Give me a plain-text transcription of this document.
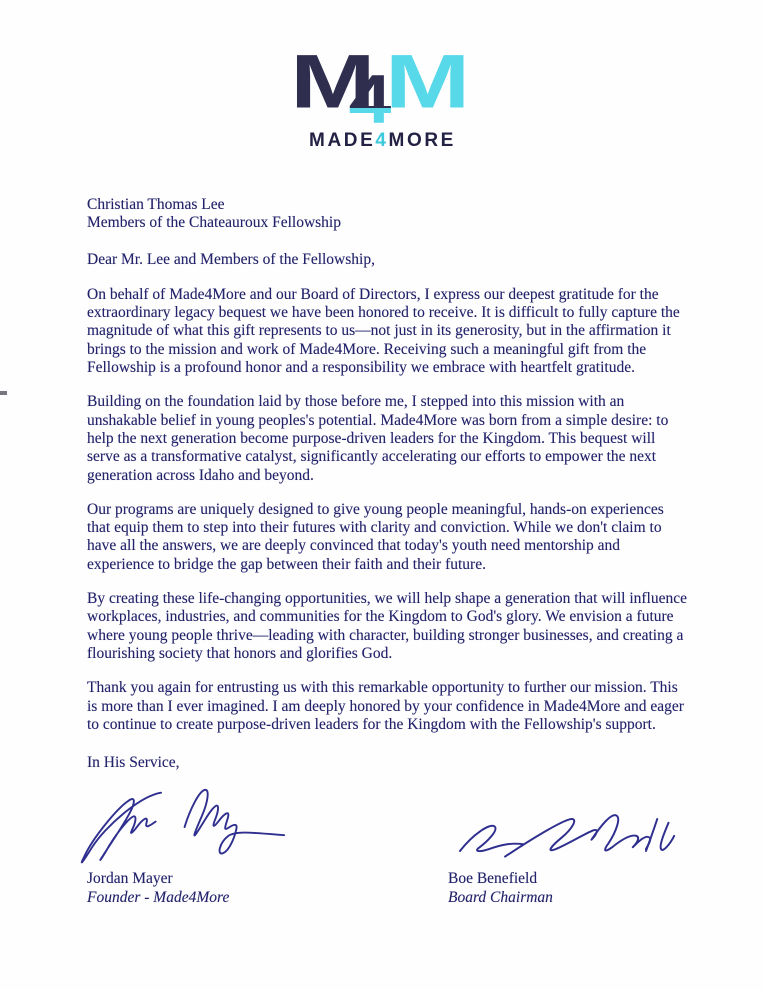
M M
4
MADE4MORE
Christian Thomas Lee
Members of the Chateauroux Fellowship
Dear Mr. Lee and Members of the Fellowship,

On behalf of Made4More and our Board of Directors, I express our deepest gratitude for the extraordinary legacy bequest we have been honored to receive. It is difficult to fully capture the magnitude of what this gift represents to us—not just in its generosity, but in the affirmation it brings to the mission and work of Made4More. Receiving such a meaningful gift from the Fellowship is a profound honor and a responsibility we embrace with heartfelt gratitude.

Building on the foundation laid by those before me, I stepped into this mission with an unshakable belief in young peoples's potential. Made4More was born from a simple desire: to help the next generation become purpose-driven leaders for the Kingdom. This bequest will serve as a transformative catalyst, significantly accelerating our efforts to empower the next generation across Idaho and beyond.

Our programs are uniquely designed to give young people meaningful, hands-on experiences that equip them to step into their futures with clarity and conviction. While we don't claim to have all the answers, we are deeply convinced that today's youth need mentorship and experience to bridge the gap between their faith and their future.

By creating these life-changing opportunities, we will help shape a generation that will influence workplaces, industries, and communities for the Kingdom to God's glory. We envision a future where young people thrive—leading with character, building stronger businesses, and creating a flourishing society that honors and glorifies God.

Thank you again for entrusting us with this remarkable opportunity to further our mission. This is more than I ever imagined. I am deeply honored by your confidence in Made4More and eager to continue to create purpose-driven leaders for the Kingdom with the Fellowship's support.

In His Service,
Jordan Mayer
Founder - Made4More
Boe Benefield
Board Chairman
